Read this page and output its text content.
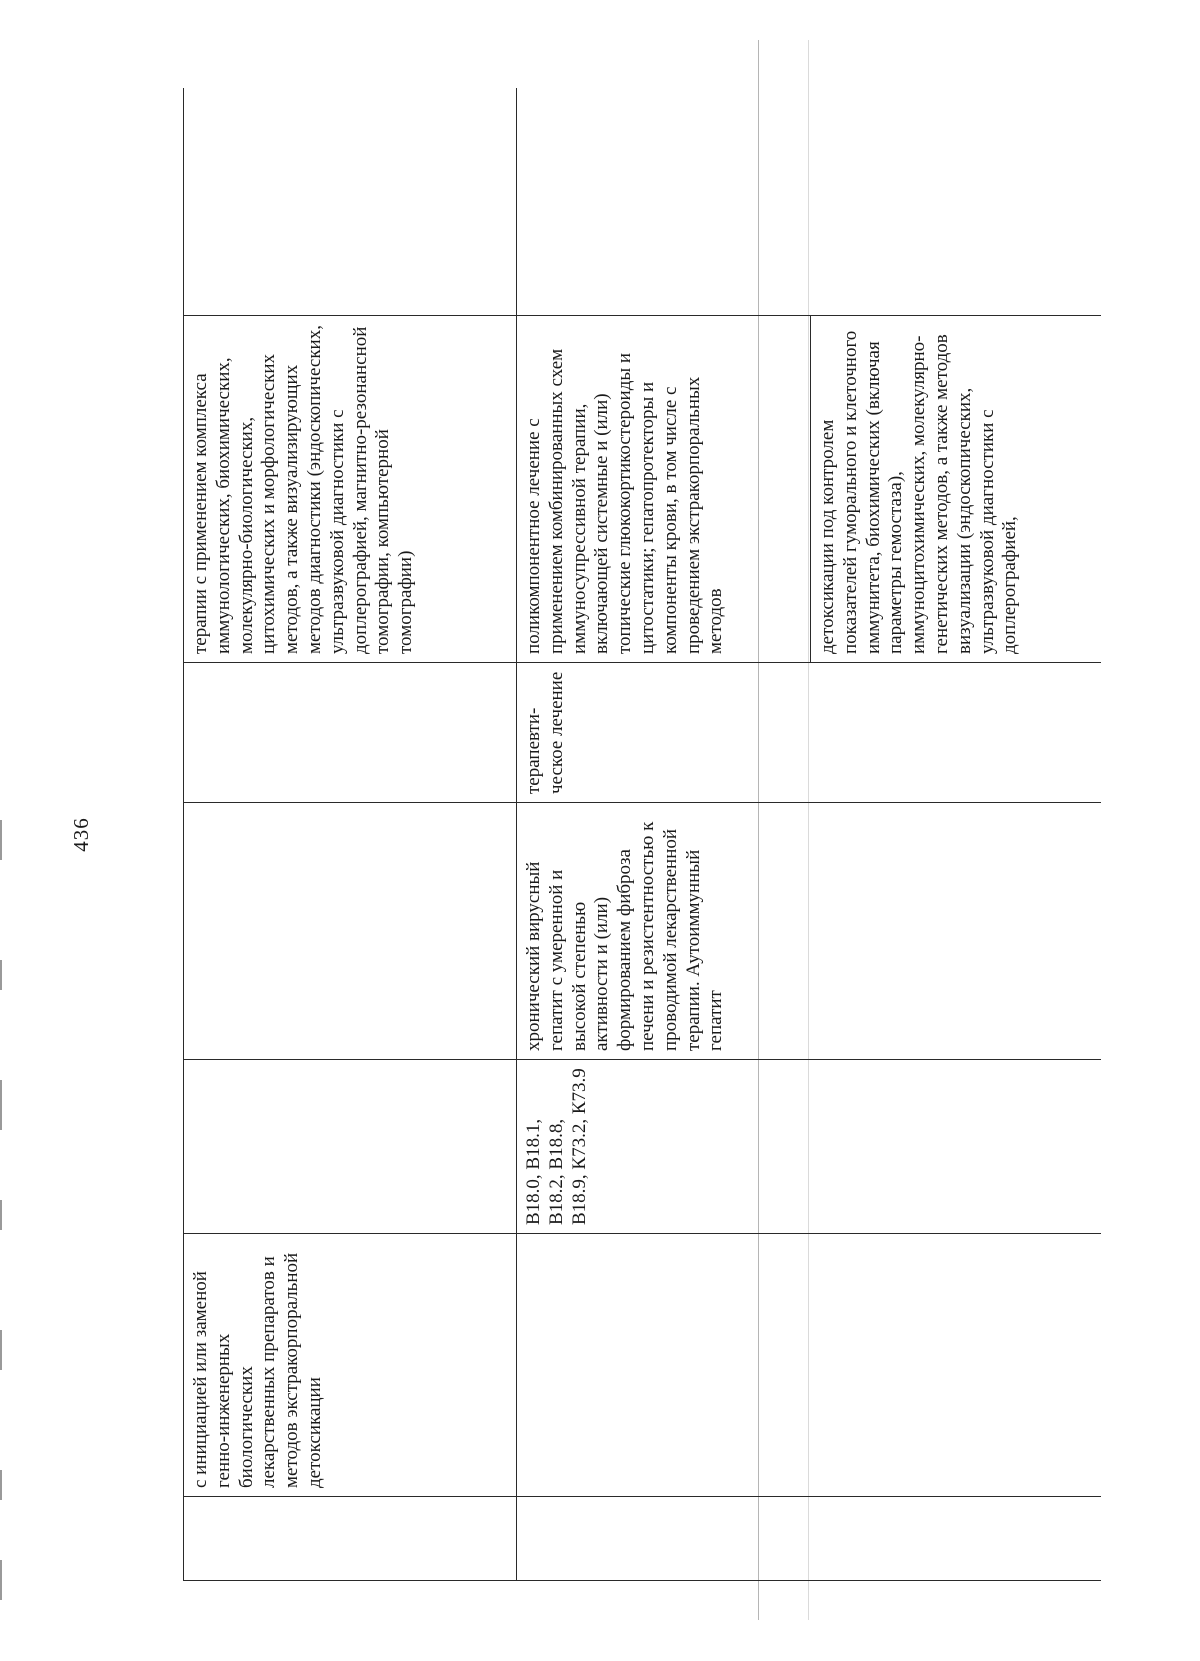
436

	с инициацией или заменой генно-инженерных биологических лекарственных препаратов и методов экстракорпоральной детоксикации				терапии с применением комплекса иммунологических, биохимических, молекулярно-биологических, цитохимических и морфологических методов, а также визуализирующих методов диагностики (эндоскопических, ультразвуковой диагностики с доплерографией, магнитно-резонансной томографии, компьютерной томографии)	

		В18.0, В18.1, В18.2, В18.8, В18.9, К73.2, К73.9	хронический вирусный гепатит с умеренной и высокой степенью активности и (или) формированием фиброза печени и резистентностью к проводимой лекарственной терапии. Аутоиммунный гепатит	терапевти-ческое лечение	поликомпонентное лечение с применением комбинированных схем иммуносупрессивной терапии, включающей системные и (или) топические глюкокортикостероиды и цитостатики; гепатопротекторы и компоненты крови, в том числе с проведением экстракорпоральных методов	

					детоксикации под контролем показателей гуморального и клеточного иммунитета, биохимических (включая параметры гемостаза), иммуноцитохимических, молекулярно-генетических методов, а также методов визуализации (эндоскопических, ультразвуковой диагностики с доплерографией,	
